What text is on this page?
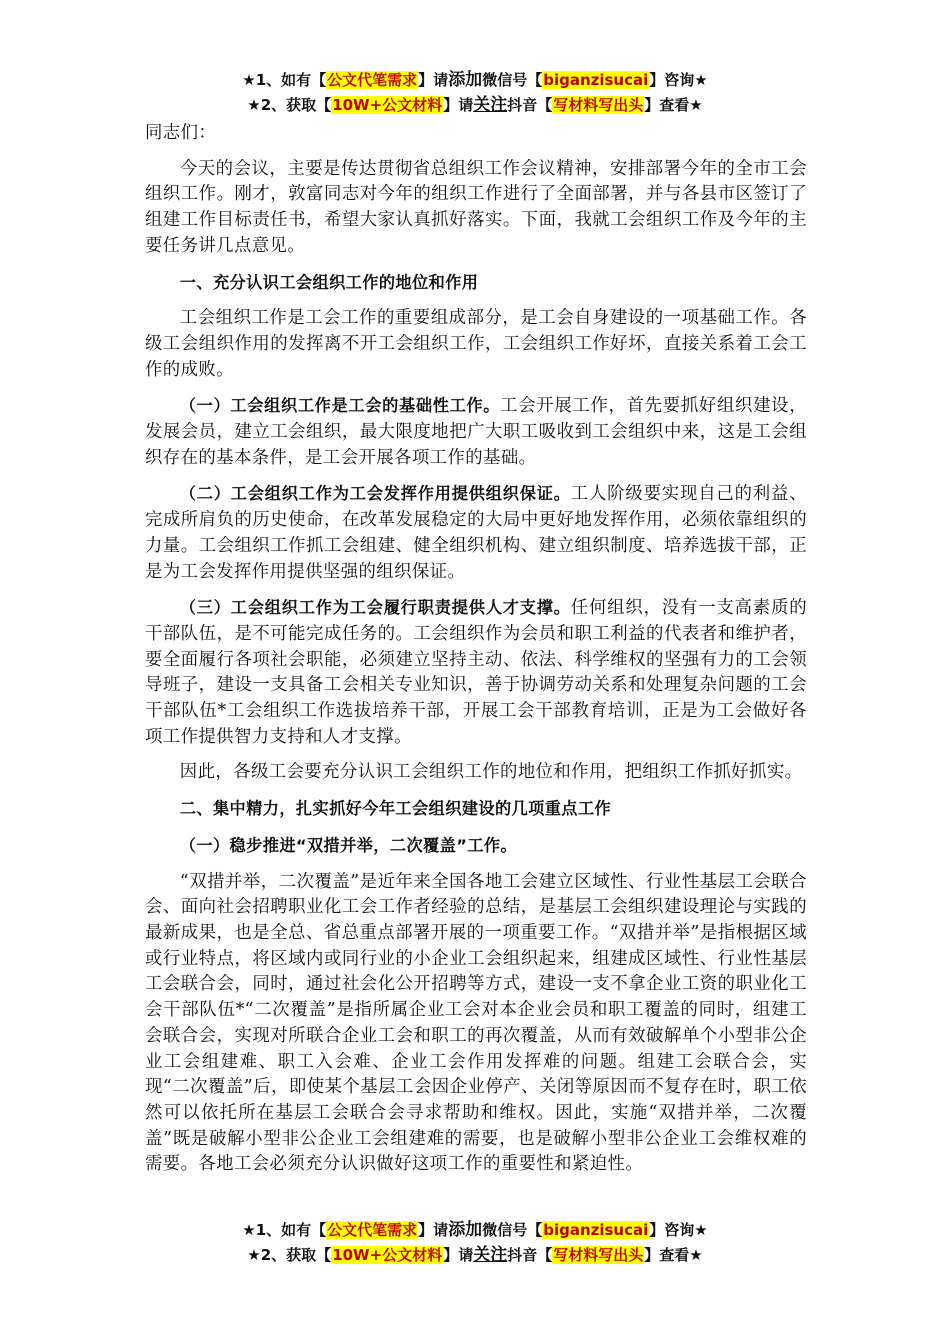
★1、如有【公文代笔需求】请添加微信号【biganzisucai】咨询★
★2、获取【10W+公文材料】请关注抖音【写材料写出头】查看★

同志们：

今天的会议，主要是传达贯彻省总组织工作会议精神，安排部署今年的全市工会组织工作。刚才，敦富同志对今年的组织工作进行了全面部署，并与各县市区签订了组建工作目标责任书，希望大家认真抓好落实。下面，我就工会组织工作及今年的主要任务讲几点意见。

一、充分认识工会组织工作的地位和作用

工会组织工作是工会工作的重要组成部分，是工会自身建设的一项基础工作。各级工会组织作用的发挥离不开工会组织工作，工会组织工作好坏，直接关系着工会工作的成败。

（一）工会组织工作是工会的基础性工作。工会开展工作，首先要抓好组织建设，发展会员，建立工会组织，最大限度地把广大职工吸收到工会组织中来，这是工会组织存在的基本条件，是工会开展各项工作的基础。

（二）工会组织工作为工会发挥作用提供组织保证。工人阶级要实现自己的利益、完成所肩负的历史使命，在改革发展稳定的大局中更好地发挥作用，必须依靠组织的力量。工会组织工作抓工会组建、健全组织机构、建立组织制度、培养选拔干部，正是为工会发挥作用提供坚强的组织保证。

（三）工会组织工作为工会履行职责提供人才支撑。任何组织，没有一支高素质的干部队伍，是不可能完成任务的。工会组织作为会员和职工利益的代表者和维护者，要全面履行各项社会职能，必须建立坚持主动、依法、科学维权的坚强有力的工会领导班子，建设一支具备工会相关专业知识，善于协调劳动关系和处理复杂问题的工会干部队伍*工会组织工作选拔培养干部，开展工会干部教育培训，正是为工会做好各项工作提供智力支持和人才支撑。

因此，各级工会要充分认识工会组织工作的地位和作用，把组织工作抓好抓实。

二、集中精力，扎实抓好今年工会组织建设的几项重点工作

（一）稳步推进“双措并举，二次覆盖”工作。

“双措并举，二次覆盖”是近年来全国各地工会建立区域性、行业性基层工会联合会、面向社会招聘职业化工会工作者经验的总结，是基层工会组织建设理论与实践的最新成果，也是全总、省总重点部署开展的一项重要工作。“双措并举”是指根据区域或行业特点，将区域内或同行业的小企业工会组织起来，组建成区域性、行业性基层工会联合会，同时，通过社会化公开招聘等方式，建设一支不拿企业工资的职业化工会干部队伍*“二次覆盖”是指所属企业工会对本企业会员和职工覆盖的同时，组建工会联合会，实现对所联合企业工会和职工的再次覆盖，从而有效破解单个小型非公企业工会组建难、职工入会难、企业工会作用发挥难的问题。组建工会联合会，实现“二次覆盖”后，即使某个基层工会因企业停产、关闭等原因而不复存在时，职工依然可以依托所在基层工会联合会寻求帮助和维权。因此，实施“双措并举，二次覆盖”既是破解小型非公企业工会组建难的需要，也是破解小型非公企业工会维权难的需要。各地工会必须充分认识做好这项工作的重要性和紧迫性。

★1、如有【公文代笔需求】请添加微信号【biganzisucai】咨询★
★2、获取【10W+公文材料】请关注抖音【写材料写出头】查看★
